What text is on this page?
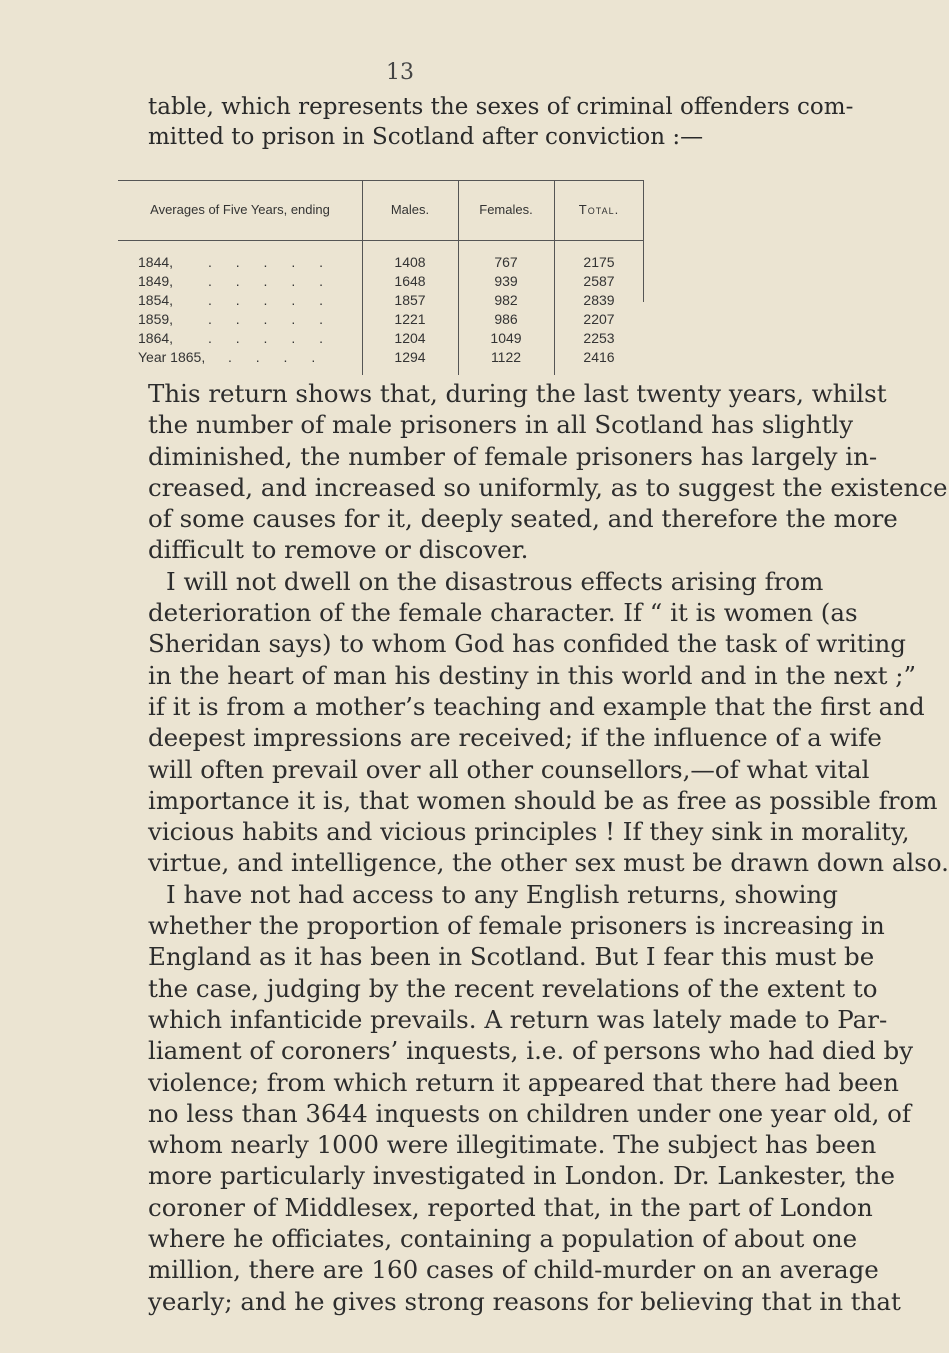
13
table, which represents the sexes of criminal offenders com-
mitted to prison in Scotland after conviction :—
Averages of Five Years, ending	Males.	Females.	Total.
1844, . . . . .	1408	767	2175
1849, . . . . .	1648	939	2587
1854, . . . . .	1857	982	2839
1859, . . . . .	1221	986	2207
1864, . . . . .	1204	1049	2253
Year 1865, . . . .	1294	1122	2416
This return shows that, during the last twenty years, whilst
the number of male prisoners in all Scotland has slightly
diminished, the number of female prisoners has largely in-
creased, and increased so uniformly, as to suggest the existence
of some causes for it, deeply seated, and therefore the more
difficult to remove or discover.
I will not dwell on the disastrous effects arising from
deterioration of the female character. If “ it is women (as
Sheridan says) to whom God has confided the task of writing
in the heart of man his destiny in this world and in the next ;”
if it is from a mother’s teaching and example that the first and
deepest impressions are received; if the influence of a wife
will often prevail over all other counsellors,—of what vital
importance it is, that women should be as free as possible from
vicious habits and vicious principles ! If they sink in morality,
virtue, and intelligence, the other sex must be drawn down also.
I have not had access to any English returns, showing
whether the proportion of female prisoners is increasing in
England as it has been in Scotland. But I fear this must be
the case, judging by the recent revelations of the extent to
which infanticide prevails. A return was lately made to Par-
liament of coroners’ inquests, i.e. of persons who had died by
violence; from which return it appeared that there had been
no less than 3644 inquests on children under one year old, of
whom nearly 1000 were illegitimate. The subject has been
more particularly investigated in London. Dr. Lankester, the
coroner of Middlesex, reported that, in the part of London
where he officiates, containing a population of about one
million, there are 160 cases of child-murder on an average
yearly; and he gives strong reasons for believing that in that
